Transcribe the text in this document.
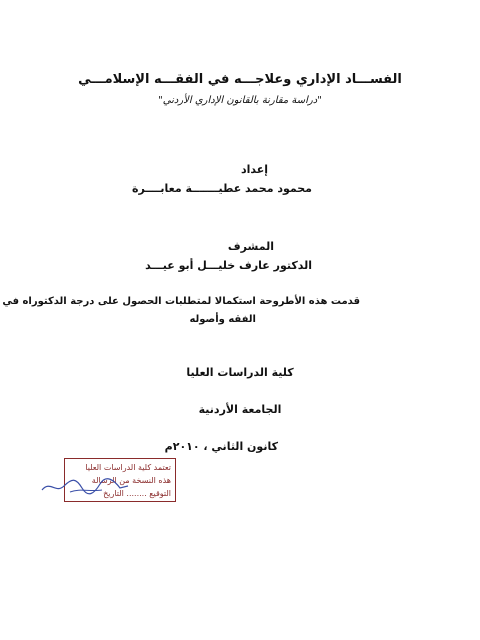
الفســـاد الإداري وعلاجـــه في الفقـــه الإسلامـــي
"دراسة مقارنة بالقانون الإداري الأردني"
إعداد
محمود محمد عطيـــــــة معابــــرة
المشرف
الدكتور عارف خليـــل أبو عيـــد
قدمت هذه الأطروحة استكمالا لمتطلبات الحصول على درجة الدكتوراه في
الفقه وأصوله
كلية الدراسات العليا
الجامعة الأردنية
كانون الثاني ، ٢٠١٠م
تعتمد كلية الدراسات العليا
هذه النسخة من الرسالة
التوقيع ........ التاريخ
